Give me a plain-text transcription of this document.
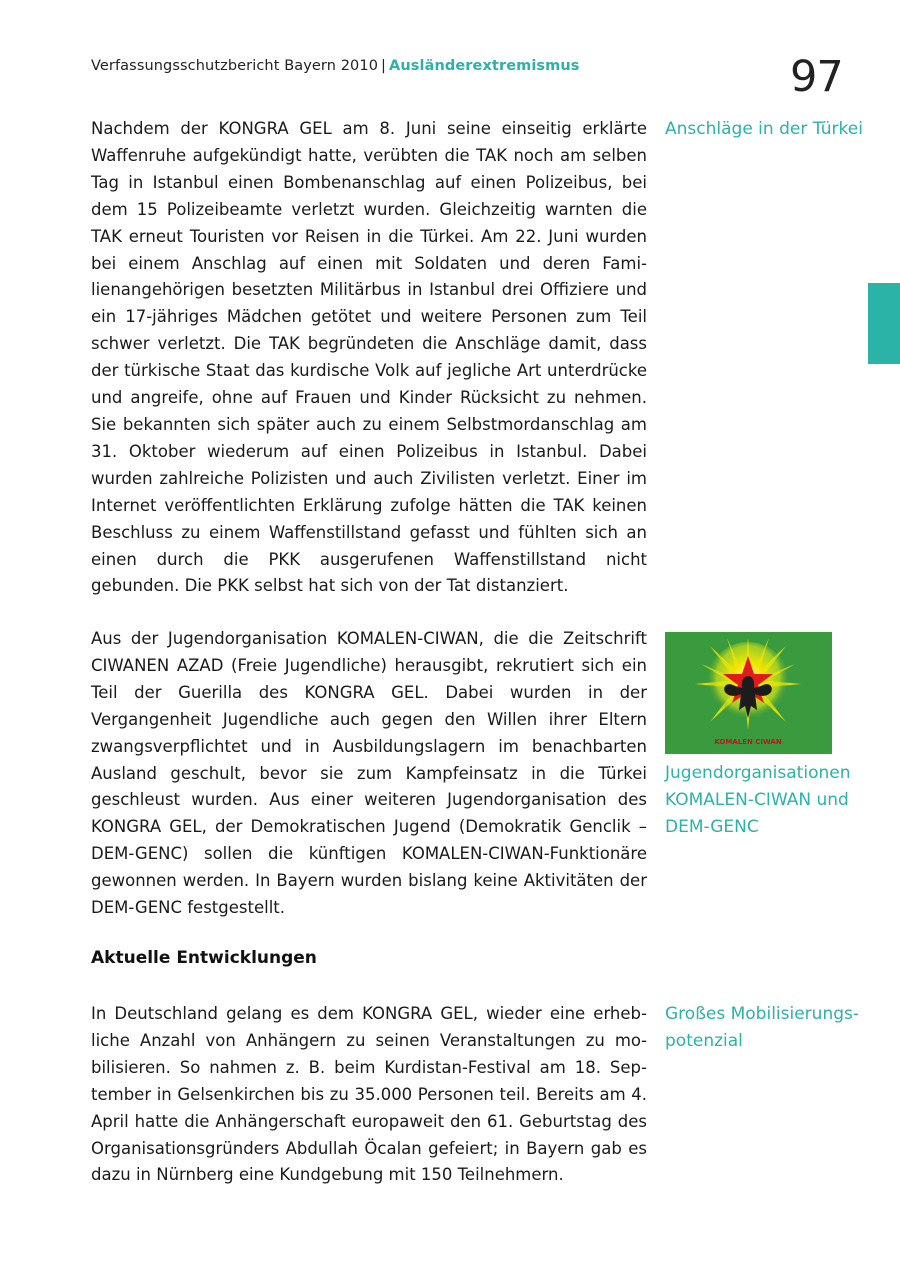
Verfassungsschutzbericht Bayern 2010 | Ausländerextremismus	97

Nachdem der KONGRA GEL am 8. Juni seine einseitig erklärte Waffenruhe aufgekündigt hatte, verübten die TAK noch am selben Tag in Istanbul einen Bombenanschlag auf einen Polizeibus, bei dem 15 Polizeibeamte verletzt wurden. Gleichzeitig warnten die TAK erneut Touristen vor Reisen in die Türkei. Am 22. Juni wurden bei einem Anschlag auf einen mit Soldaten und deren Familienangehörigen besetzten Militärbus in Istanbul drei Offiziere und ein 17-jähriges Mädchen getötet und weitere Personen zum Teil schwer verletzt. Die TAK begründeten die Anschläge damit, dass der türkische Staat das kurdische Volk auf jegliche Art unterdrücke und angreife, ohne auf Frauen und Kinder Rücksicht zu nehmen. Sie bekannten sich später auch zu einem Selbstmordanschlag am 31. Oktober wiederum auf einen Polizeibus in Istanbul. Dabei wurden zahlreiche Polizisten und auch Zivilisten verletzt. Einer im Internet veröffentlichten Erklärung zufolge hätten die TAK keinen Beschluss zu einem Waffenstillstand gefasst und fühlten sich an einen durch die PKK ausgerufenen Waffenstillstand nicht gebunden. Die PKK selbst hat sich von der Tat distanziert.

Anschläge in der Türkei
KOMALEN CIWAN

Aus der Jugendorganisation KOMALEN-CIWAN, die die Zeitschrift CIWANEN AZAD (Freie Jugendliche) herausgibt, rekrutiert sich ein Teil der Guerilla des KONGRA GEL. Dabei wurden in der Vergangenheit Jugendliche auch gegen den Willen ihrer Eltern zwangsverpflichtet und in Ausbildungslagern im benachbarten Ausland geschult, bevor sie zum Kampfeinsatz in die Türkei geschleust wurden. Aus einer weiteren Jugendorganisation des KONGRA GEL, der Demokratischen Jugend (Demokratik Genclik – DEM-GENC) sollen die künftigen KOMALEN-CIWAN-Funktionäre gewonnen werden. In Bayern wurden bislang keine Aktivitäten der DEM-GENC festgestellt.

Jugendorganisationen KOMALEN-CIWAN und DEM-GENC
Aktuelle Entwicklungen

In Deutschland gelang es dem KONGRA GEL, wieder eine erhebliche Anzahl von Anhängern zu seinen Veranstaltungen zu mobilisieren. So nahmen z. B. beim Kurdistan-Festival am 18. September in Gelsenkirchen bis zu 35.000 Personen teil. Bereits am 4. April hatte die Anhängerschaft europaweit den 61. Geburtstag des Organisationsgründers Abdullah Öcalan gefeiert; in Bayern gab es dazu in Nürnberg eine Kundgebung mit 150 Teilnehmern.

Großes Mobilisierungspotenzial
